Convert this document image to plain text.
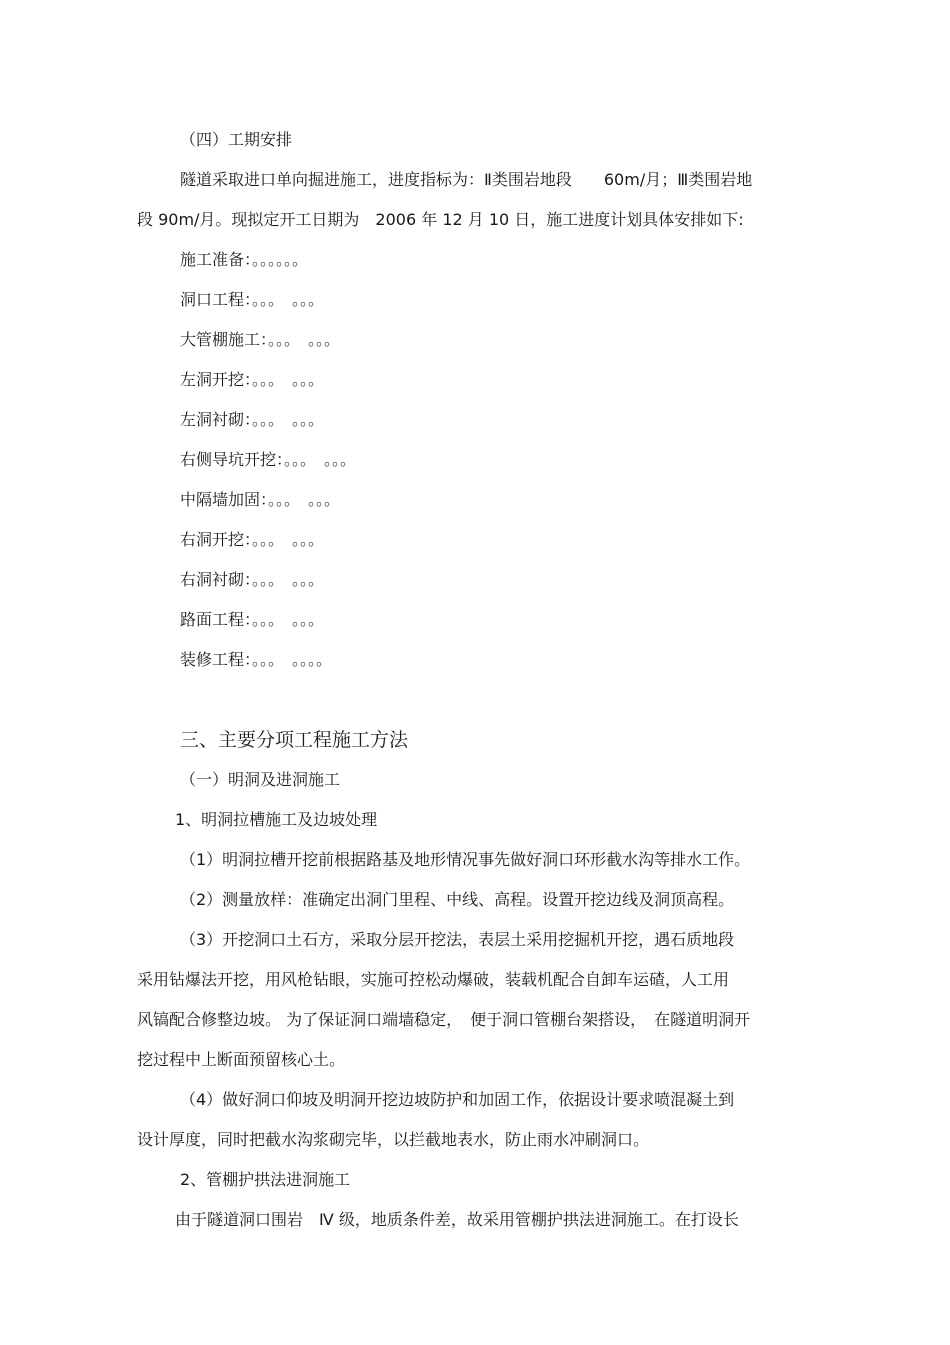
（四）工期安排
隧道采取进口单向掘进施工，进度指标为：Ⅱ类围岩地段　　60m/月；Ⅲ类围岩地
段 90m/月。现拟定开工日期为　2006 年 12 月 10 日，施工进度计划具体安排如下:
施工准备：。。。。。。
洞口工程：。。。　。。。
大管棚施工：。。。　。。。
左洞开挖：。。。　。。。
左洞衬砌：。。。　。。。
右侧导坑开挖：。。。　。。。
中隔墙加固：。。。　。。。
右洞开挖：。。。　。。。
右洞衬砌：。。。　。。。
路面工程：。。。　。。。
装修工程：。。。　。。。。
三、主要分项工程施工方法
（一）明洞及进洞施工
1、明洞拉槽施工及边坡处理
（1）明洞拉槽开挖前根据路基及地形情况事先做好洞口环形截水沟等排水工作。
（2）测量放样：准确定出洞门里程、中线、高程。设置开挖边线及洞顶高程。
（3）开挖洞口土石方，采取分层开挖法，表层土采用挖掘机开挖，遇石质地段
采用钻爆法开挖，用风枪钻眼，实施可控松动爆破，装载机配合自卸车运碴，人工用
风镐配合修整边坡。 为了保证洞口端墙稳定，　便于洞口管棚台架搭设，　在隧道明洞开
挖过程中上断面预留核心土。
（4）做好洞口仰坡及明洞开挖边坡防护和加固工作，依据设计要求喷混凝土到
设计厚度，同时把截水沟浆砌完毕，以拦截地表水，防止雨水冲刷洞口。
2、管棚护拱法进洞施工
由于隧道洞口围岩　Ⅳ 级，地质条件差，故采用管棚护拱法进洞施工。在打设长
